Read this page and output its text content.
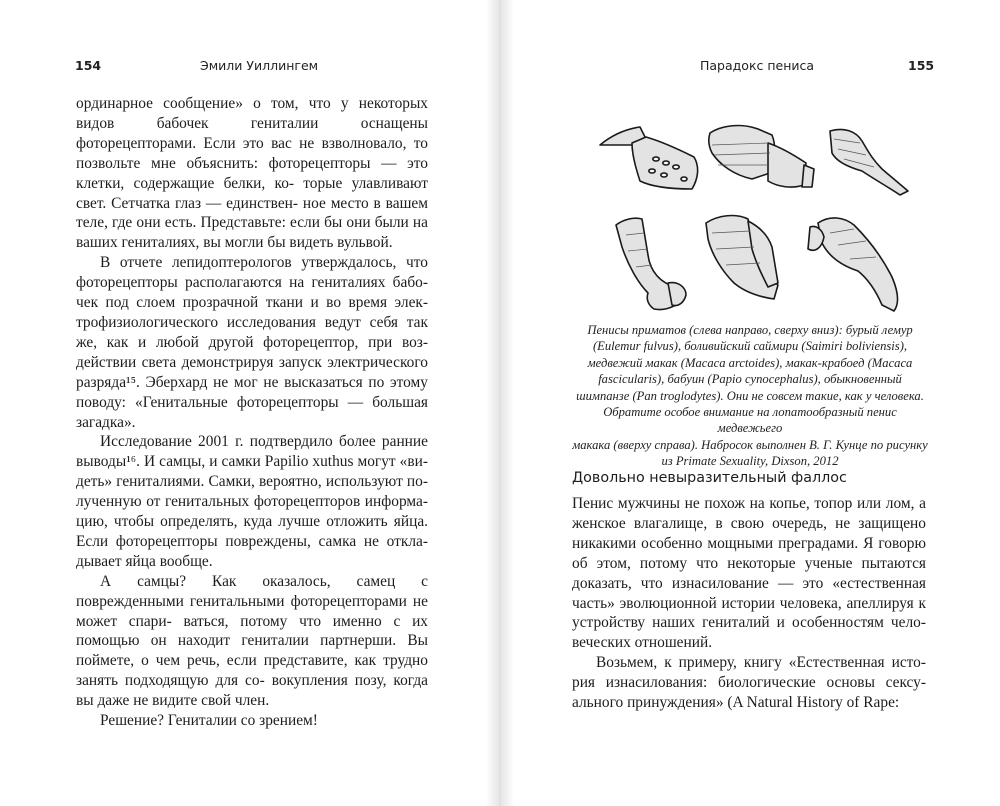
154	Эмили Уиллингем

ординарное сообщение» о том, что у некоторых видов	бабочек гениталии оснащены фоторецепторами. Если это вас не взволновало, то позвольте мне объяснить: фоторецепторы — это клетки, содержащие белки, ко- торые улавливают свет. Сетчатка глаз — единствен- ное место в вашем теле, где они есть. Представьте: если бы они были на ваших гениталиях, вы могли бы видеть вульвой.

В отчете лепидоптерологов утверждалось, что фоторецепторы располагаются на гениталиях бабо- чек под слоем прозрачной ткани и во время элек- трофизиологического исследования ведут себя так же, как и любой другой фоторецептор, при воз- действии света демонстрируя запуск электрического разряда¹⁵. Эберхард не мог не высказаться по этому поводу: «Генитальные фоторецепторы — большая загадка».

Исследование 2001 г. подтвердило более ранние выводы¹⁶. И самцы, и самки Papilio xuthus могут «ви- деть» гениталиями. Самки, вероятно, используют по- лученную от генитальных фоторецепторов информа- цию, чтобы определять, куда лучше отложить яйца. Если фоторецепторы повреждены, самка не откла- дывает яйца вообще.

А самцы? Как оказалось, самец с поврежденными генитальными фоторецепторами не может спари- ваться, потому что именно с их помощью он находит гениталии партнерши. Вы поймете, о чем речь, если представите, как трудно занять подходящую для со- вокупления позу, когда вы даже не видите свой член.

Решение? Гениталии со зрением!

Парадокс пениса	155
Пенисы приматов (слева направо, сверху вниз): бурый лемур
(Eulemur fulvus), боливийский саймири (Saimiri boliviensis),
медвежий макак (Macaca arctoides), макак-крабоед (Macaca
fascicularis), бабуин (Papio cynocephalus), обыкновенный
шимпанзе (Pan troglodytes). Они не совсем такие, как у человека.
Обратите особое внимание на лопатообразный пенис медвежьего
макака (вверху справа). Набросок выполнен В. Г. Кунце по рисунку
из Primate Sexuality, Dixson, 2012
Довольно невыразительный фаллос

Пенис мужчины не похож на копье, топор или лом, а женское влагалище, в свою очередь, не защищено никакими особенно мощными преградами. Я говорю об этом, потому что некоторые ученые пытаются доказать, что изнасилование — это «естественная часть» эволюционной истории человека, апеллируя к устройству наших гениталий и особенностям чело- веческих отношений.

Возьмем, к примеру, книгу «Естественная исто- рия изнасилования: биологические основы сексу- ального принуждения» (A Natural History of Rape:
